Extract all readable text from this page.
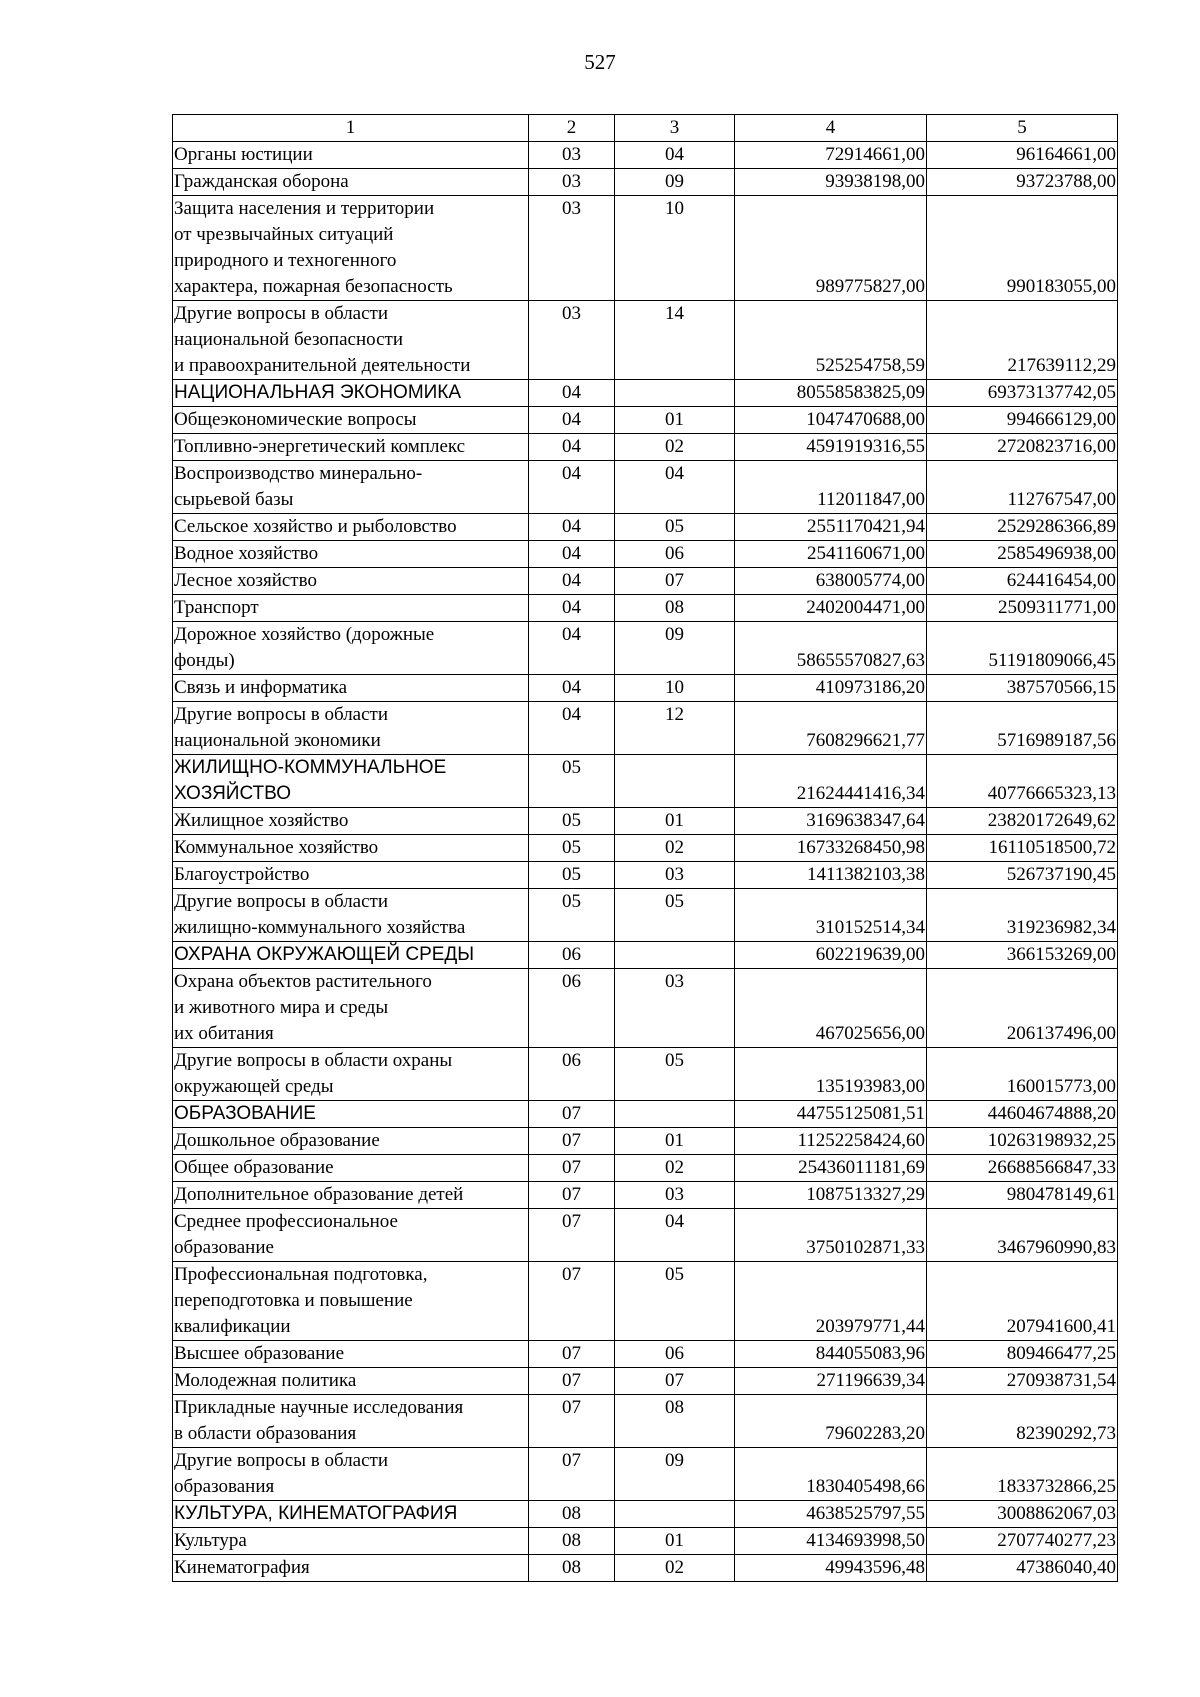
527
1	2	3	4	5
Органы юстиции	03	04	72914661,00	96164661,00
Гражданская оборона	03	09	93938198,00	93723788,00
Защита населения и территории
от чрезвычайных ситуаций
природного и техногенного
характера, пожарная безопасность	03	10	989775827,00	990183055,00
Другие вопросы в области
национальной безопасности
и правоохранительной деятельности	03	14	525254758,59	217639112,29
НАЦИОНАЛЬНАЯ ЭКОНОМИКА	04		80558583825,09	69373137742,05
Общеэкономические вопросы	04	01	1047470688,00	994666129,00
Топливно-энергетический комплекс	04	02	4591919316,55	2720823716,00
Воспроизводство минерально-
сырьевой базы	04	04	112011847,00	112767547,00
Сельское хозяйство и рыболовство	04	05	2551170421,94	2529286366,89
Водное хозяйство	04	06	2541160671,00	2585496938,00
Лесное хозяйство	04	07	638005774,00	624416454,00
Транспорт	04	08	2402004471,00	2509311771,00
Дорожное хозяйство (дорожные
фонды)	04	09	58655570827,63	51191809066,45
Связь и информатика	04	10	410973186,20	387570566,15
Другие вопросы в области
национальной экономики	04	12	7608296621,77	5716989187,56
ЖИЛИЩНО-КОММУНАЛЬНОЕ
ХОЗЯЙСТВО	05		21624441416,34	40776665323,13
Жилищное хозяйство	05	01	3169638347,64	23820172649,62
Коммунальное хозяйство	05	02	16733268450,98	16110518500,72
Благоустройство	05	03	1411382103,38	526737190,45
Другие вопросы в области
жилищно-коммунального хозяйства	05	05	310152514,34	319236982,34
ОХРАНА ОКРУЖАЮЩЕЙ СРЕДЫ	06		602219639,00	366153269,00
Охрана объектов растительного
и животного мира и среды
их обитания	06	03	467025656,00	206137496,00
Другие вопросы в области охраны
окружающей среды	06	05	135193983,00	160015773,00
ОБРАЗОВАНИЕ	07		44755125081,51	44604674888,20
Дошкольное образование	07	01	11252258424,60	10263198932,25
Общее образование	07	02	25436011181,69	26688566847,33
Дополнительное образование детей	07	03	1087513327,29	980478149,61
Среднее профессиональное
образование	07	04	3750102871,33	3467960990,83
Профессиональная подготовка,
переподготовка и повышение
квалификации	07	05	203979771,44	207941600,41
Высшее образование	07	06	844055083,96	809466477,25
Молодежная политика	07	07	271196639,34	270938731,54
Прикладные научные исследования
в области образования	07	08	79602283,20	82390292,73
Другие вопросы в области
образования	07	09	1830405498,66	1833732866,25
КУЛЬТУРА, КИНЕМАТОГРАФИЯ	08		4638525797,55	3008862067,03
Культура	08	01	4134693998,50	2707740277,23
Кинематография	08	02	49943596,48	47386040,40
